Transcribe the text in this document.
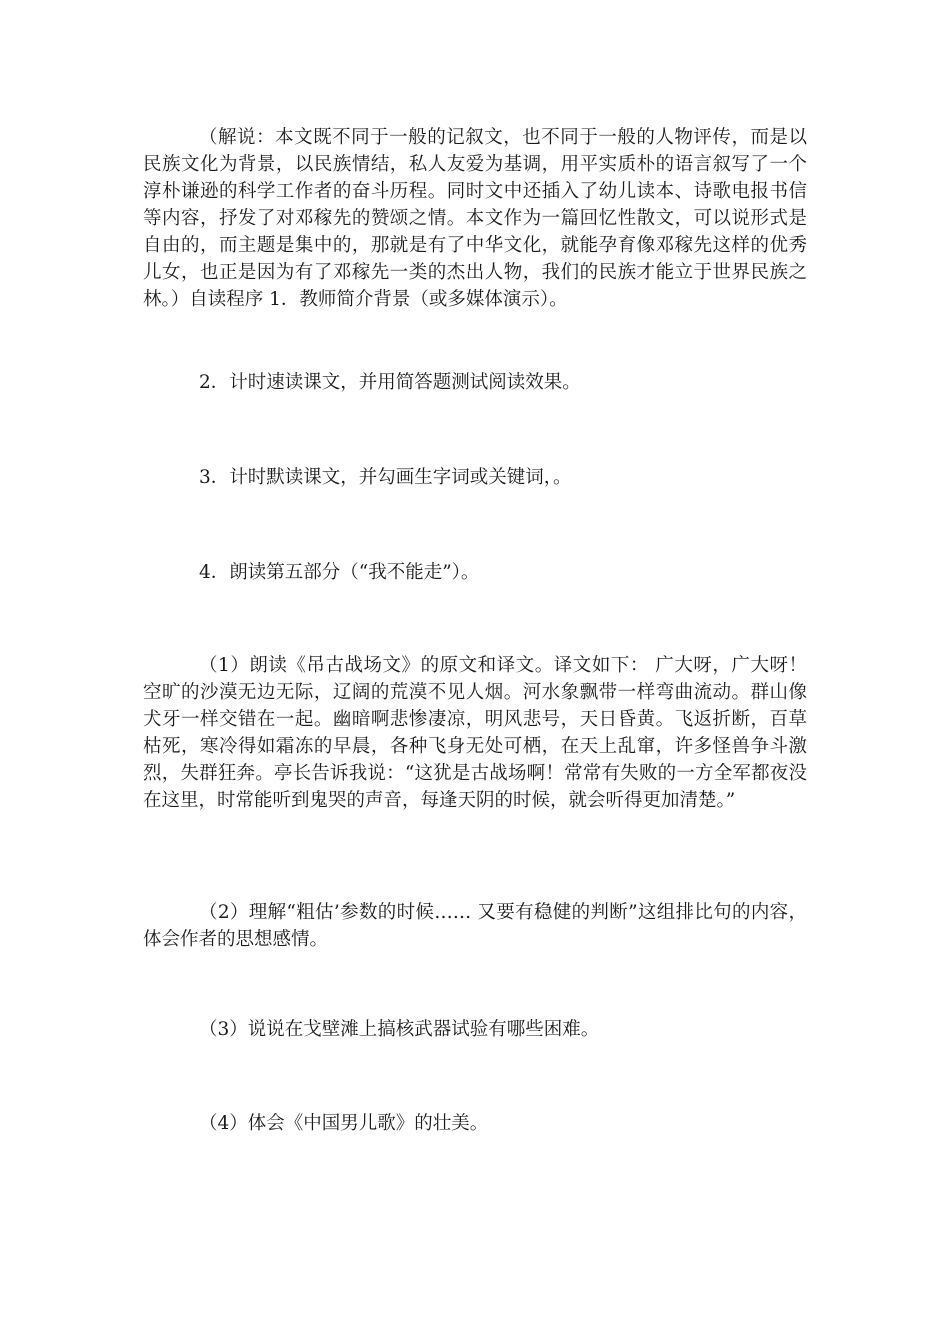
（解说：本文既不同于一般的记叙文，也不同于一般的人物评传，而是以民族文化为背景，以民族情结，私人友爱为基调，用平实质朴的语言叙写了一个淳朴谦逊的科学工作者的奋斗历程。同时文中还插入了幼儿读本、诗歌电报书信等内容，抒发了对邓稼先的赞颂之情。本文作为一篇回忆性散文，可以说形式是自由的，而主题是集中的，那就是有了中华文化，就能孕育像邓稼先这样的优秀儿女，也正是因为有了邓稼先一类的杰出人物，我们的民族才能立于世界民族之林。）自读程序 1．教师简介背景（或多媒体演示）。

2．计时速读课文，并用简答题测试阅读效果。

3．计时默读课文，并勾画生字词或关键词，。

4．朗读第五部分（“我不能走”）。

（1）朗读《吊古战场文》的原文和译文。译文如下： 广大呀，广大呀！空旷的沙漠无边无际，辽阔的荒漠不见人烟。河水象飘带一样弯曲流动。群山像犬牙一样交错在一起。幽暗啊悲惨凄凉，明风悲号，天日昏黄。飞返折断，百草枯死，寒冷得如霜冻的早晨，各种飞身无处可栖，在天上乱窜，许多怪兽争斗激烈，失群狂奔。亭长告诉我说：“这犹是古战场啊！常常有失败的一方全军都夜没在这里，时常能听到鬼哭的声音，每逢天阴的时候，就会听得更加清楚。”

（2）理解“粗估’参数的时候…… 又要有稳健的判断”这组排比句的内容，体会作者的思想感情。

（3）说说在戈壁滩上搞核武器试验有哪些困难。

（4）体会《中国男儿歌》的壮美。
